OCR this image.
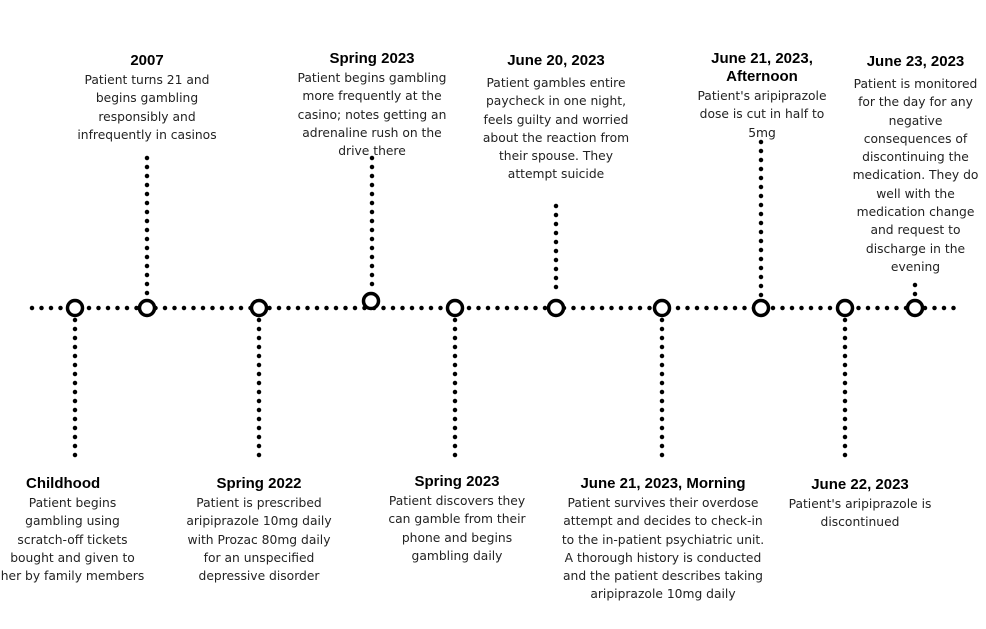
2007
Patient turns 21 and begins gambling responsibly and infrequently in casinos
Spring 2023
Patient begins gambling more frequently at the casino; notes getting an adrenaline rush on the drive there
June 20, 2023
Patient gambles entire paycheck in one night, feels guilty and worried about the reaction from their spouse. They attempt suicide
June 21, 2023, Afternoon
Patient's aripiprazole dose is cut in half to 5mg
June 23, 2023
Patient is monitored for the day for any negative consequences of discontinuing the medication. They do well with the medication change and request to discharge in the evening
Childhood
Patient begins gambling using scratch-off tickets bought and given to her by family members
Spring 2022
Patient is prescribed aripiprazole 10mg daily with Prozac 80mg daily for an unspecified depressive disorder
Spring 2023
Patient discovers they can gamble from their phone and begins gambling daily
June 21, 2023, Morning
Patient survives their overdose attempt and decides to check-in to the in-patient psychiatric unit. A thorough history is conducted and the patient describes taking aripiprazole 10mg daily
June 22, 2023
Patient's aripiprazole is discontinued
